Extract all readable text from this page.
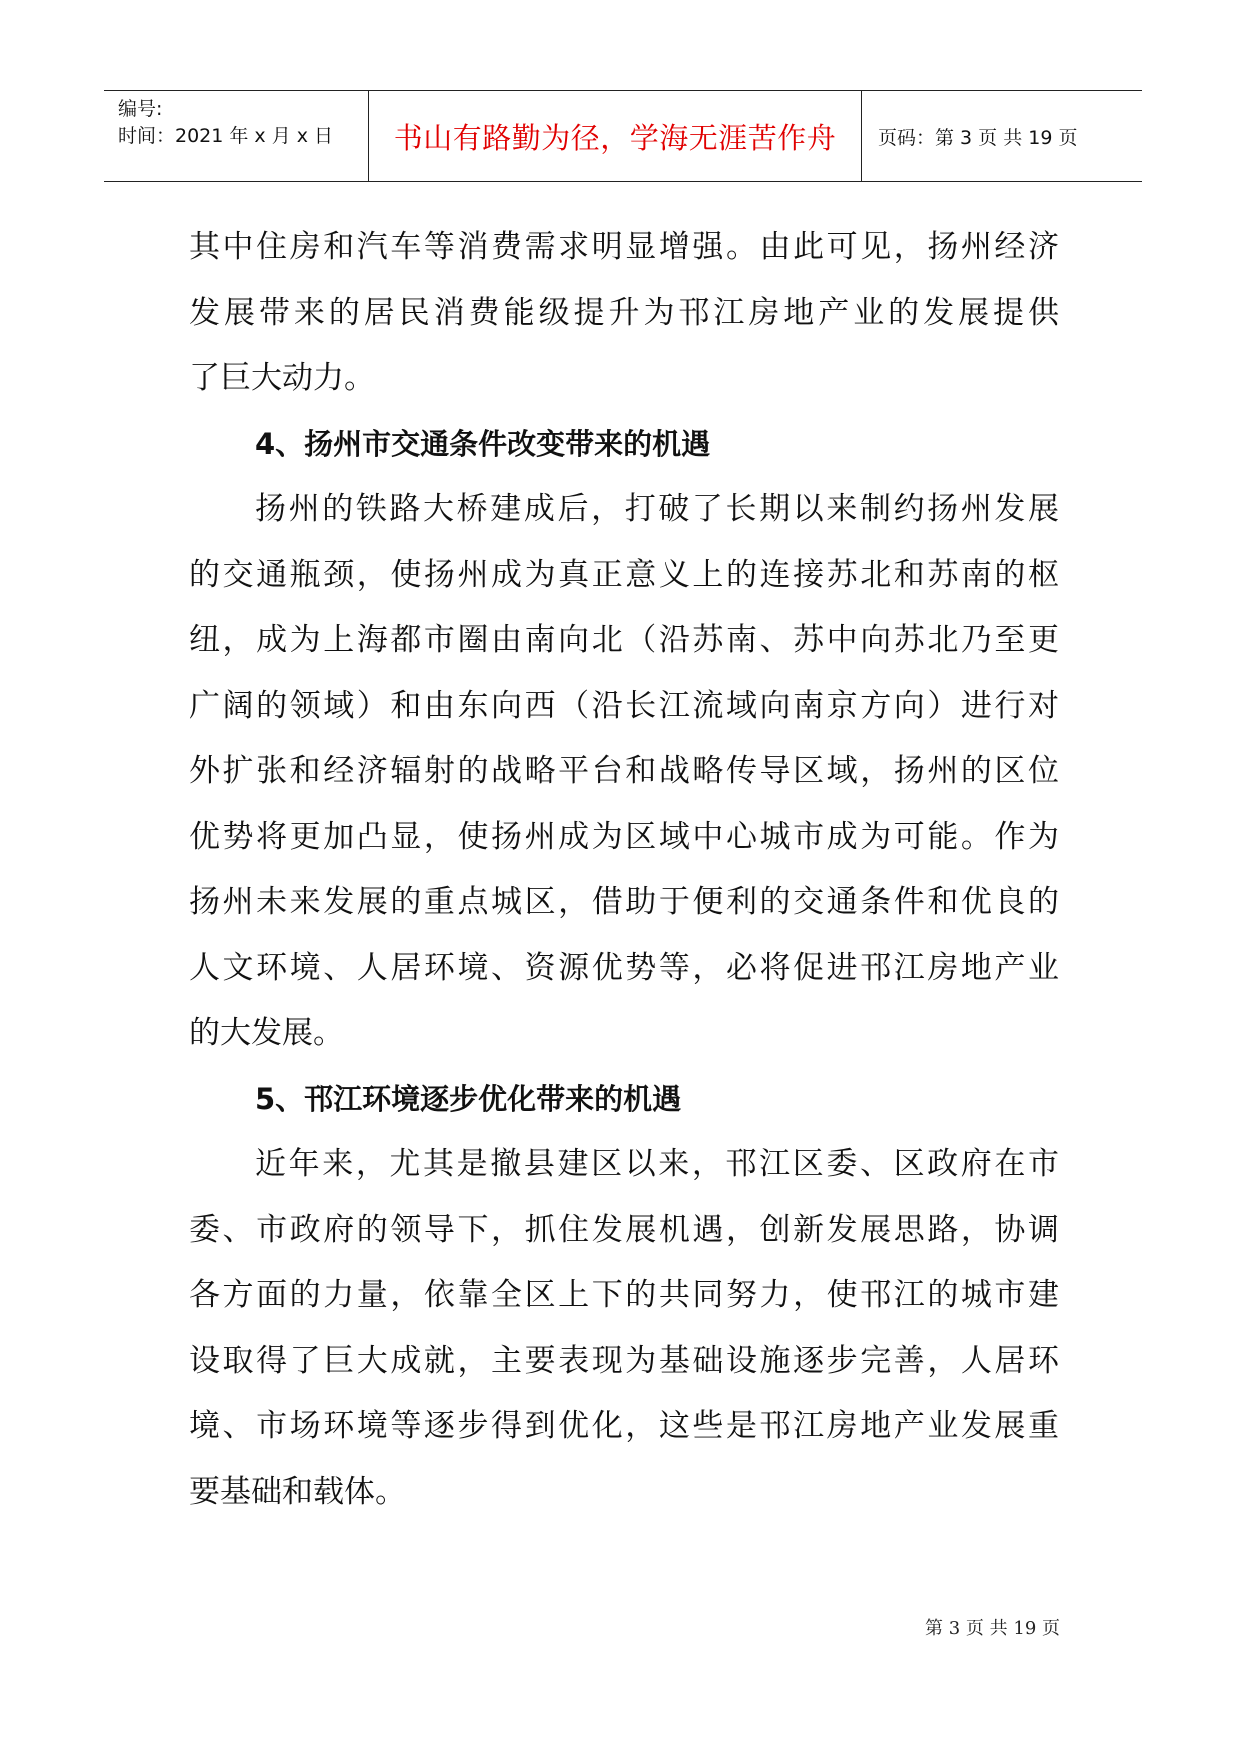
编号:
时间：2021 年 x 月 x 日	书山有路勤为径，学海无涯苦作舟	页码：第 3 页 共 19 页
其中住房和汽车等消费需求明显增强。由此可见，扬州经济
发展带来的居民消费能级提升为邗江房地产业的发展提供
了巨大动力。
4、扬州市交通条件改变带来的机遇
扬州的铁路大桥建成后，打破了长期以来制约扬州发展
的交通瓶颈，使扬州成为真正意义上的连接苏北和苏南的枢
纽，成为上海都市圈由南向北（沿苏南、苏中向苏北乃至更
广阔的领域）和由东向西（沿长江流域向南京方向）进行对
外扩张和经济辐射的战略平台和战略传导区域，扬州的区位
优势将更加凸显，使扬州成为区域中心城市成为可能。作为
扬州未来发展的重点城区，借助于便利的交通条件和优良的
人文环境、人居环境、资源优势等，必将促进邗江房地产业
的大发展。
5、邗江环境逐步优化带来的机遇
近年来，尤其是撤县建区以来，邗江区委、区政府在市
委、市政府的领导下，抓住发展机遇，创新发展思路，协调
各方面的力量，依靠全区上下的共同努力，使邗江的城市建
设取得了巨大成就，主要表现为基础设施逐步完善，人居环
境、市场环境等逐步得到优化，这些是邗江房地产业发展重
要基础和载体。
第 3 页 共 19 页
